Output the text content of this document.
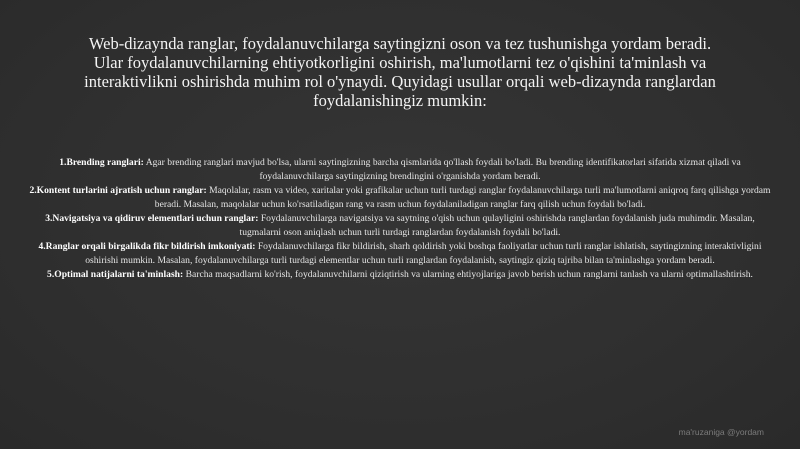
Web-dizaynda ranglar, foydalanuvchilarga saytingizni oson va tez tushunishga yordam beradi. Ular foydalanuvchilarning ehtiyotkorligini oshirish, ma'lumotlarni tez o'qishini ta'minlash va interaktivlikni oshirishda muhim rol o'ynaydi. Quyidagi usullar orqali web-dizaynda ranglardan foydalanishingiz mumkin:

1.Brending ranglari: Agar brending ranglari mavjud bo'lsa, ularni saytingizning barcha qismlarida qo'llash foydali bo'ladi. Bu brending identifikatorlari sifatida xizmat qiladi va foydalanuvchilarga saytingizning brendingini o'rganishda yordam beradi.

2.Kontent turlarini ajratish uchun ranglar: Maqolalar, rasm va video, xaritalar yoki grafikalar uchun turli turdagi ranglar foydalanuvchilarga turli ma'lumotlarni aniqroq farq qilishga yordam beradi. Masalan, maqolalar uchun ko'rsatiladigan rang va rasm uchun foydalaniladigan ranglar farq qilish uchun foydali bo'ladi.

3.Navigatsiya va qidiruv elementlari uchun ranglar: Foydalanuvchilarga navigatsiya va saytning o'qish uchun qulayligini oshirishda ranglardan foydalanish juda muhimdir. Masalan, tugmalarni oson aniqlash uchun turli turdagi ranglardan foydalanish foydali bo'ladi.

4.Ranglar orqali birgalikda fikr bildirish imkoniyati: Foydalanuvchilarga fikr bildirish, sharh qoldirish yoki boshqa faoliyatlar uchun turli ranglar ishlatish, saytingizning interaktivligini oshirishi mumkin. Masalan, foydalanuvchilarga turli turdagi elementlar uchun turli ranglardan foydalanish, saytingiz qiziq tajriba bilan ta'minlashga yordam beradi.

5.Optimal natijalarni ta'minlash: Barcha maqsadlarni ko'rish, foydalanuvchilarni qiziqtirish va ularning ehtiyojlariga javob berish uchun ranglarni tanlash va ularni optimallashtirish.

ma'ruzaniga @yordam
